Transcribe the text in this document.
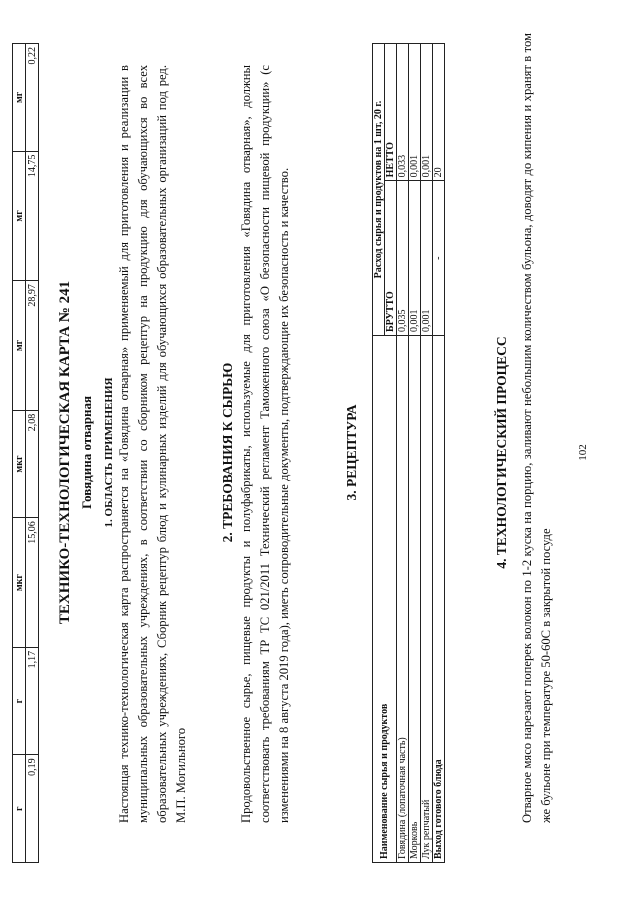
г	г	мкг	мкг	мг	мг	мг
0,19	1,17	15,06	2,08	28,97	14,75	0,22
ТЕХНИКО-ТЕХНОЛОГИЧЕСКАЯ КАРТА № 241 Говядина отварная 1. ОБЛАСТЬ ПРИМЕНЕНИЯ Настоящая технико-технологическая карта распространяется на «Говядина отварная» применяемый для приготовления и реализации в муниципальных образовательных учреждениях, в соответствии со сборником рецептур на продукцию для обучающихся во всех образовательных учреждениях, Сборник рецептур блюд и кулинарных изделий для обучающихся образовательных организаций под ред. М.П. Могильного
2. ТРЕБОВАНИЯ К СЫРЬЮ Продовольственное сырье, пищевые продукты и полуфабрикаты, используемые для приготовления «Говядина отварная», должны соответствовать требованиям ТР ТС 021/2011 Технический регламент Таможенного союза «О безопасности пищевой продукции» (с изменениями на 8 августа 2019 года), иметь сопроводительные документы, подтверждающие их безопасность и качество.	3. РЕЦЕПТУРА
Наименование сырья и продуктов	Расход сырья и продуктов на 1 шт, 20 г.	
	БРУТТО	НЕТТО
Говядина (лопаточная часть)	0,035	0,033
Морковь	0,001	0,001
Лук репчатый	0,001	0,001
Выход готового блюда	-	20
4. ТЕХНОЛОГИЧЕСКИЙ ПРОЦЕСС Отварное мясо нарезают поперек волокон по 1-2 куска на порцию, заливают небольшим количеством бульона, доводят до кипения и хранят в том же бульоне при температуре 50-60С в закрытой посуде
102
